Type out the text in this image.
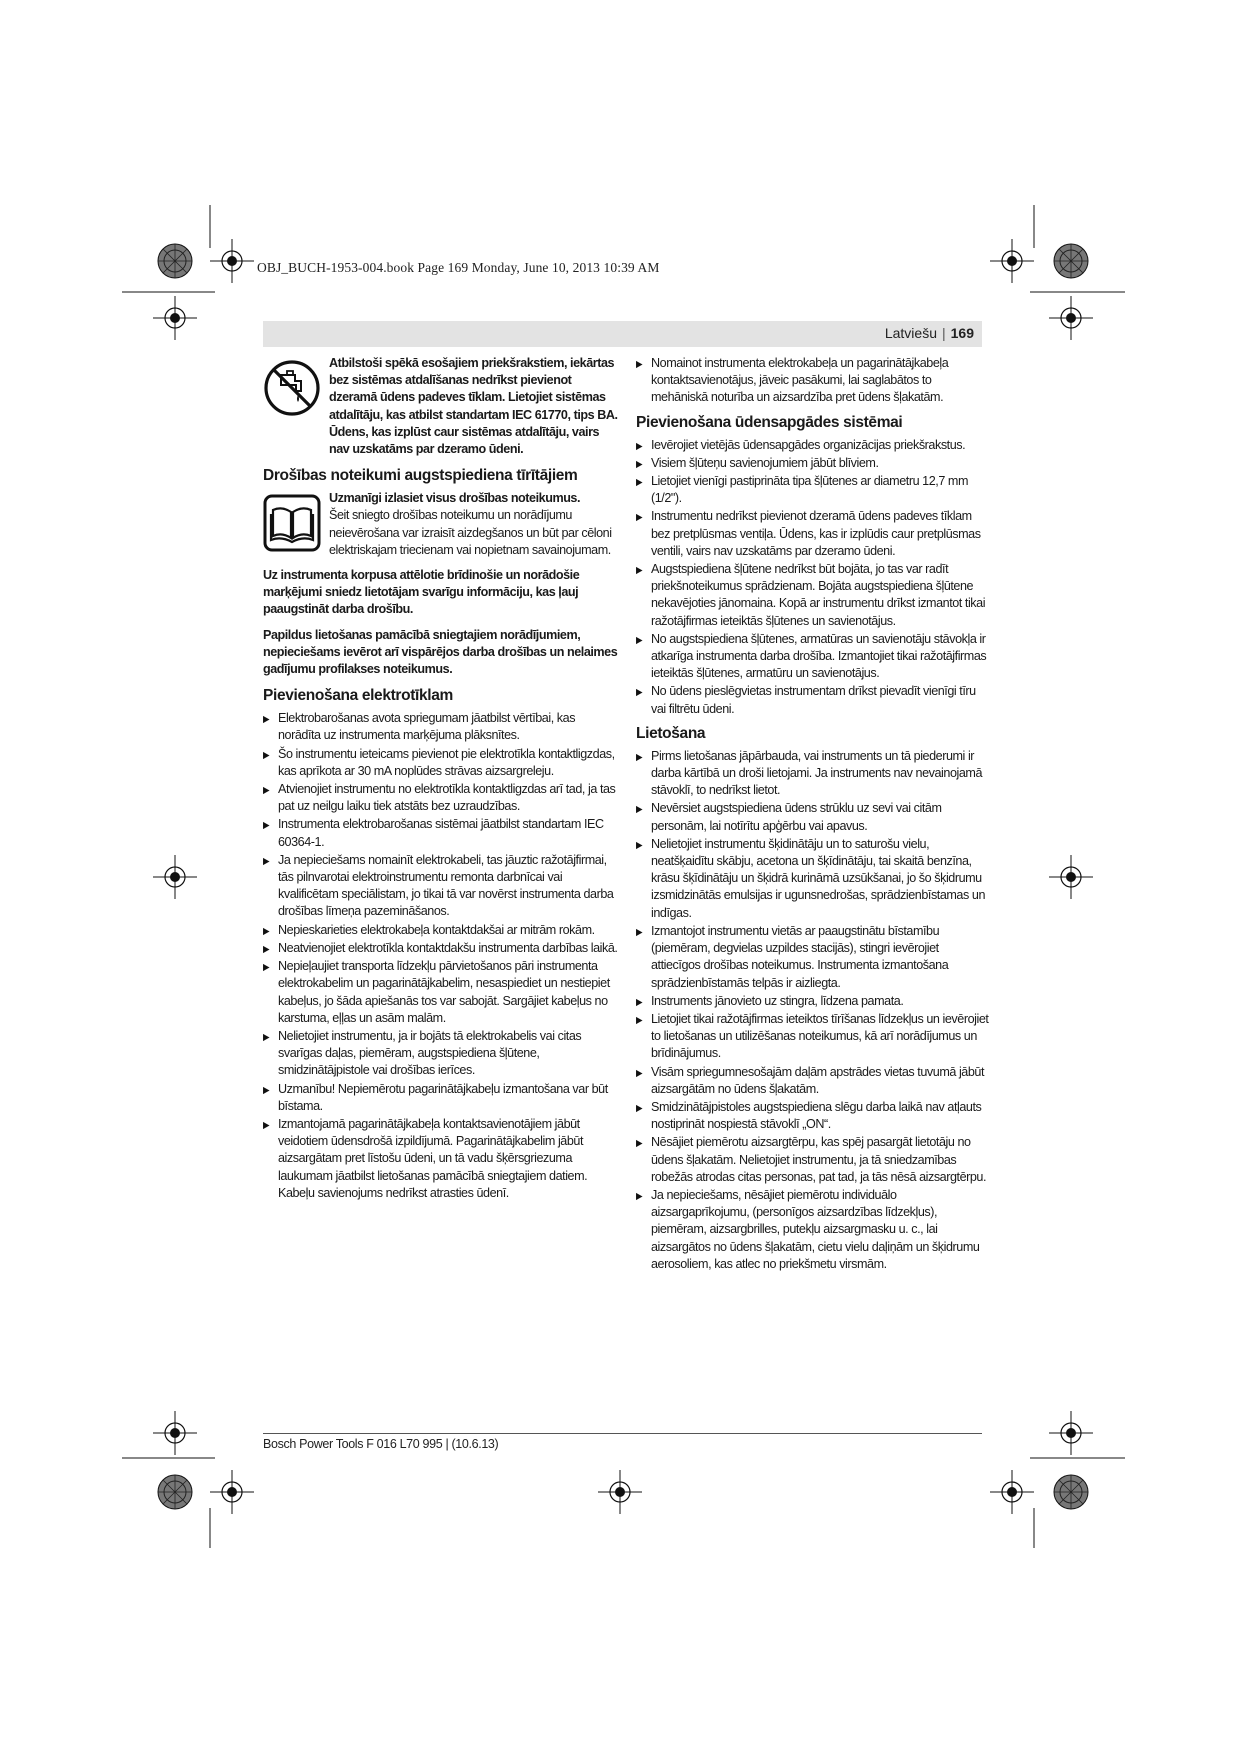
OBJ_BUCH-1953-004.book Page 169 Monday, June 10, 2013 10:39 AM
Latviešu | 169
Atbilstoši spēkā esošajiem priekšrakstiem, iekārtas bez sistēmas atdalīšanas nedrīkst pievienot dzeramā ūdens padeves tīklam. Lietojiet sistēmas atdalītāju, kas atbilst standartam IEC 61770, tips BA. Ūdens, kas izplūst caur sistēmas atdalītāju, vairs nav uzskatāms par dzeramo ūdeni.
Drošības noteikumi augstspiediena tīrītājiem
Uzmanīgi izlasiet visus drošības noteikumus.
Šeit sniegto drošības noteikumu un norādījumu neievērošana var izraisīt aizdegšanos un būt par cēloni elektriskajam triecienam vai nopietnam savainojumam.

Uz instrumenta korpusa attēlotie brīdinošie un norādošie marķējumi sniedz lietotājam svarīgu informāciju, kas ļauj paaugstināt darba drošību.

Papildus lietošanas pamācībā sniegtajiem norādījumiem, nepieciešams ievērot arī vispārējos darba drošības un nelaimes gadījumu profilakses noteikumus.

Pievienošana elektrotīklam
▶ Elektrobarošanas avota spriegumam jāatbilst vērtībai, kas norādīta uz instrumenta marķējuma plāksnītes.
▶ Šo instrumentu ieteicams pievienot pie elektrotīkla kontaktligzdas, kas aprīkota ar 30 mA noplūdes strāvas aizsargreleju.
▶ Atvienojiet instrumentu no elektrotīkla kontaktligzdas arī tad, ja tas pat uz neilgu laiku tiek atstāts bez uzraudzības.
▶ Instrumenta elektrobarošanas sistēmai jāatbilst standartam IEC 60364-1.
▶ Ja nepieciešams nomainīt elektrokabeli, tas jāuztic ražotājfirmai, tās pilnvarotai elektroinstrumentu remonta darbnīcai vai kvalificētam speciālistam, jo tikai tā var novērst instrumenta darba drošības līmeņa pazemināšanos.
▶ Nepieskarieties elektrokabeļa kontaktdakšai ar mitrām rokām.
▶ Neatvienojiet elektrotīkla kontaktdakšu instrumenta darbības laikā.
▶ Nepieļaujiet transporta līdzekļu pārvietošanos pāri instrumenta elektrokabelim un pagarinātājkabelim, nesaspiediet un nestiepiet kabeļus, jo šāda apiešanās tos var sabojāt. Sargājiet kabeļus no karstuma, eļļas un asām malām.
▶ Nelietojiet instrumentu, ja ir bojāts tā elektrokabelis vai citas svarīgas daļas, piemēram, augstspiediena šļūtene, smidzinātājpistole vai drošības ierīces.
▶ Uzmanību! Nepiemērotu pagarinātājkabeļu izmantošana var būt bīstama.
▶ Izmantojamā pagarinātājkabeļa kontaktsavienotājiem jābūt veidotiem ūdensdrošā izpildījumā. Pagarinātājkabelim jābūt aizsargātam pret līstošu ūdeni, un tā vadu šķērsgriezuma laukumam jāatbilst lietošanas pamācībā sniegtajiem datiem. Kabeļu savienojums nedrīkst atrasties ūdenī.
▶ Nomainot instrumenta elektrokabeļa un pagarinātājkabeļa kontaktsavienotājus, jāveic pasākumi, lai saglabātos to mehāniskā noturība un aizsardzība pret ūdens šļakatām.
Pievienošana ūdensapgādes sistēmai
▶ Ievērojiet vietējās ūdensapgādes organizācijas priekšrakstus.
▶ Visiem šļūteņu savienojumiem jābūt blīviem.
▶ Lietojiet vienīgi pastiprināta tipa šļūtenes ar diametru 12,7 mm (1/2").
▶ Instrumentu nedrīkst pievienot dzeramā ūdens padeves tīklam bez pretplūsmas ventiļa. Ūdens, kas ir izplūdis caur pretplūsmas ventili, vairs nav uzskatāms par dzeramo ūdeni.
▶ Augstspiediena šļūtene nedrīkst būt bojāta, jo tas var radīt priekšnoteikumus sprādzienam. Bojāta augstspiediena šļūtene nekavējoties jānomaina. Kopā ar instrumentu drīkst izmantot tikai ražotājfirmas ieteiktās šļūtenes un savienotājus.
▶ No augstspiediena šļūtenes, armatūras un savienotāju stāvokļa ir atkarīga instrumenta darba drošība. Izmantojiet tikai ražotājfirmas ieteiktās šļūtenes, armatūru un savienotājus.
▶ No ūdens pieslēgvietas instrumentam drīkst pievadīt vienīgi tīru vai filtrētu ūdeni.
Lietošana
▶ Pirms lietošanas jāpārbauda, vai instruments un tā piederumi ir darba kārtībā un droši lietojami. Ja instruments nav nevainojamā stāvoklī, to nedrīkst lietot.
▶ Nevērsiet augstspiediena ūdens strūklu uz sevi vai citām personām, lai notīrītu apģērbu vai apavus.
▶ Nelietojiet instrumentu šķidinātāju un to saturošu vielu, neatšķaidītu skābju, acetona un šķīdinātāju, tai skaitā benzīna, krāsu šķīdinātāju un šķidrā kurināmā uzsūkšanai, jo šo šķidrumu izsmidzinātās emulsijas ir ugunsnedrošas, sprādzienbīstamas un indīgas.
▶ Izmantojot instrumentu vietās ar paaugstinātu bīstamību (piemēram, degvielas uzpildes stacijās), stingri ievērojiet attiecīgos drošības noteikumus. Instrumenta izmantošana sprādzienbīstamās telpās ir aizliegta.
▶ Instruments jānovieto uz stingra, līdzena pamata.
▶ Lietojiet tikai ražotājfirmas ieteiktos tīrīšanas līdzekļus un ievērojiet to lietošanas un utilizēšanas noteikumus, kā arī norādījumus un brīdinājumus.
▶ Visām spriegumnesošajām daļām apstrādes vietas tuvumā jābūt aizsargātām no ūdens šļakatām.
▶ Smidzinātājpistoles augstspiediena slēgu darba laikā nav atļauts nostiprināt nospiestā stāvoklī „ON“.
▶ Nēsājiet piemērotu aizsargtērpu, kas spēj pasargāt lietotāju no ūdens šļakatām. Nelietojiet instrumentu, ja tā sniedzamības robežās atrodas citas personas, pat tad, ja tās nēsā aizsargtērpu.
▶ Ja nepieciešams, nēsājiet piemērotu individuālo aizsargaprīkojumu, (personīgos aizsardzības līdzekļus), piemēram, aizsargbrilles, putekļu aizsargmasku u. c., lai aizsargātos no ūdens šļakatām, cietu vielu daļiņām un šķidrumu aerosoliem, kas atlec no priekšmetu virsmām.
Bosch Power Tools F 016 L70 995 | (10.6.13)
